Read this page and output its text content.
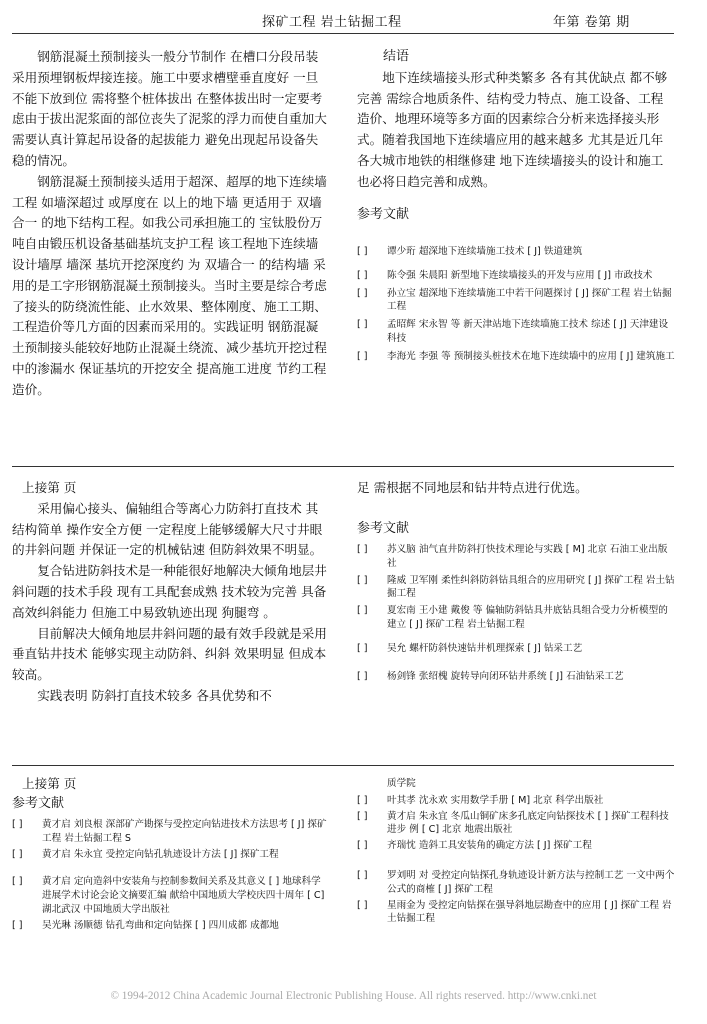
探矿工程 岩土钻掘工程	年第 卷第 期

钢筋混凝土预制接头一般分节制作 在槽口分段吊装 采用预埋钢板焊接连接。施工中要求槽壁垂直度好 一旦不能下放到位 需将整个桩体拔出 在整体拔出时一定要考虑由于拔出泥浆面的部位丧失了泥浆的浮力而使自重加大 需要认真计算起吊设备的起拔能力 避免出现起吊设备失稳的情况。

钢筋混凝土预制接头适用于超深、超厚的地下连续墙工程 如墙深超过 或厚度在 以上的地下墙 更适用于 双墙合一 的地下结构工程。如我公司承担施工的 宝钛股份万吨自由锻压机设备基础基坑支护工程 该工程地下连续墙设计墙厚 墙深 基坑开挖深度约 为 双墙合一 的结构墙 采用的是工字形钢筋混凝土预制接头。当时主要是综合考虑了接头的防绕流性能、止水效果、整体刚度、施工工期、工程造价等几方面的因素而采用的。实践证明 钢筋混凝土预制接头能较好地防止混凝土绕流、减少基坑开挖过程中的渗漏水 保证基坑的开挖安全 提高施工进度 节约工程造价。

结语

地下连续墙接头形式种类繁多 各有其优缺点 都不够完善 需综合地质条件、结构受力特点、施工设备、工程造价、地理环境等多方面的因素综合分析来选择接头形式。随着我国地下连续墙应用的越来越多 尤其是近几年各大城市地铁的相继修建 地下连续墙接头的设计和施工也必将日趋完善和成熟。

参考文献

[ ] 谭少珩 超深地下连续墙施工技术 [ J] 铁道建筑
[ ] 陈令强 朱晨阳 新型地下连续墙接头的开发与应用 [ J] 市政技术
[ ] 孙立宝 超深地下连续墙施工中若干问题探讨 [ J] 探矿工程 岩土钻掘工程
[ ] 孟昭辉 宋永智 等 新天津站地下连续墙施工技术 综述 [ J] 天津建设科技
[ ] 李海光 李强 等 预制接头桩技术在地下连续墙中的应用 [ J] 建筑施工

上接第 页

采用偏心接头、偏轴组合等离心力防斜打直技术 其结构简单 操作安全方便 一定程度上能够缓解大尺寸井眼的井斜问题 并保证一定的机械钻速 但防斜效果不明显。

复合钻进防斜技术是一种能很好地解决大倾角地层井斜问题的技术手段 现有工具配套成熟 技术较为完善 具备高效纠斜能力 但施工中易致轨迹出现 狗腿弯 。

目前解决大倾角地层井斜问题的最有效手段就是采用垂直钻井技术 能够实现主动防斜、纠斜 效果明显 但成本较高。

实践表明 防斜打直技术较多 各具优势和不

足 需根据不同地层和钻井特点进行优选。

参考文献

[ ] 苏义脑 油气直井防斜打快技术理论与实践 [ M] 北京 石油工业出版社
[ ] 隆威 卫军刚 柔性纠斜防斜钻具组合的应用研究 [ J] 探矿工程 岩土钻掘工程
[ ] 夏宏南 王小建 戴俊 等 偏轴防斜钻具井底钻具组合受力分析模型的建立 [ J] 探矿工程 岩土钻掘工程
[ ] 吴允 螺杆防斜快速钻井机理探索 [ J] 钻采工艺
[ ] 杨剑锋 张绍槐 旋转导向闭环钻井系统 [ J] 石油钻采工艺

上接第 页

参考文献

[ ] 黄才启 刘良根 深部矿产勘探与受控定向钻进技术方法思考 [ J] 探矿工程 岩土钻掘工程 S
[ ] 黄才启 朱永宜 受控定向钻孔轨迹设计方法 [ J] 探矿工程
[ ] 黄才启 定向造斜中安装角与控制参数间关系及其意义 [ ] 地球科学进展学术讨论会论文摘要汇编 献给中国地质大学校庆四十周年 [ C] 湖北武汉 中国地质大学出版社
[ ] 吴光琳 汤顺德 钻孔弯曲和定向钻探 [ ] 四川成都 成都地
质学院
[ ] 叶其孝 沈永欢 实用数学手册 [ M] 北京 科学出版社
[ ] 黄才启 朱永宜 冬瓜山铜矿床多孔底定向钻探技术 [ ] 探矿工程科技进步 例 [ C] 北京 地震出版社
[ ] 齐瑞忱 造斜工具安装角的确定方法 [ J] 探矿工程
[ ] 罗刘明 对 受控定向钻探孔身轨迹设计新方法与控制工艺 一文中两个公式的商榷 [ J] 探矿工程
[ ] 星雨金为 受控定向钻探在强导斜地层勘查中的应用 [ J] 探矿工程 岩土钻掘工程
© 1994-2012 China Academic Journal Electronic Publishing House. All rights reserved. http://www.cnki.net
